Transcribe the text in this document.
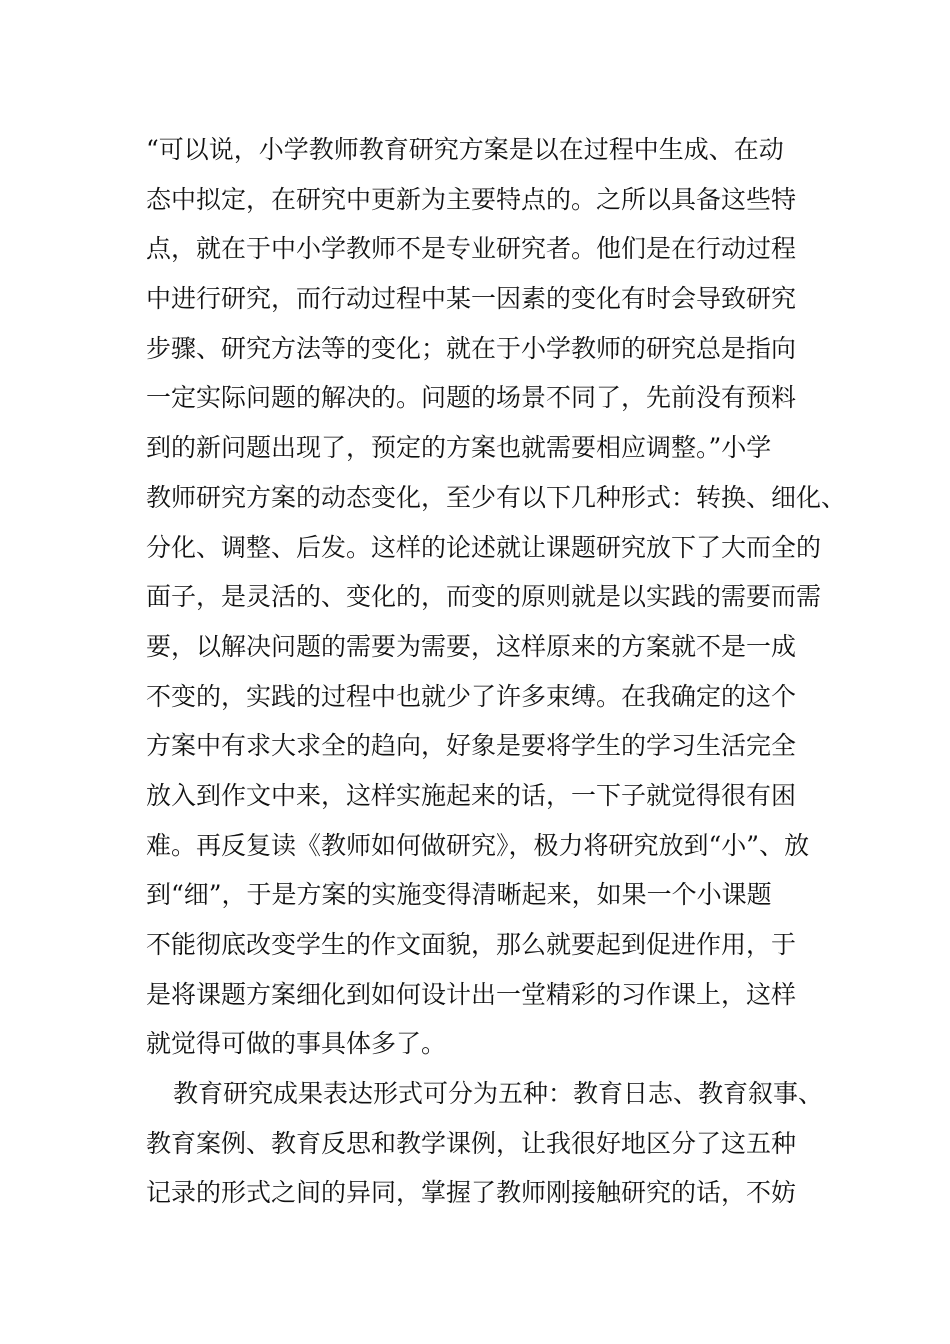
“可以说，小学教师教育研究方案是以在过程中生成、在动
态中拟定，在研究中更新为主要特点的。之所以具备这些特
点，就在于中小学教师不是专业研究者。他们是在行动过程
中进行研究，而行动过程中某一因素的变化有时会导致研究
步骤、研究方法等的变化；就在于小学教师的研究总是指向
一定实际问题的解决的。问题的场景不同了，先前没有预料
到的新问题出现了，预定的方案也就需要相应调整。”小学
教师研究方案的动态变化，至少有以下几种形式：转换、细化、
分化、调整、后发。这样的论述就让课题研究放下了大而全的
面子，是灵活的、变化的，而变的原则就是以实践的需要而需
要，以解决问题的需要为需要，这样原来的方案就不是一成
不变的，实践的过程中也就少了许多束缚。在我确定的这个
方案中有求大求全的趋向，好象是要将学生的学习生活完全
放入到作文中来，这样实施起来的话，一下子就觉得很有困
难。再反复读《教师如何做研究》，极力将研究放到“小”、放
到“细”，于是方案的实施变得清晰起来，如果一个小课题
不能彻底改变学生的作文面貌，那么就要起到促进作用，于
是将课题方案细化到如何设计出一堂精彩的习作课上，这样
就觉得可做的事具体多了。
教育研究成果表达形式可分为五种：教育日志、教育叙事、
教育案例、教育反思和教学课例，让我很好地区分了这五种
记录的形式之间的异同，掌握了教师刚接触研究的话，不妨
